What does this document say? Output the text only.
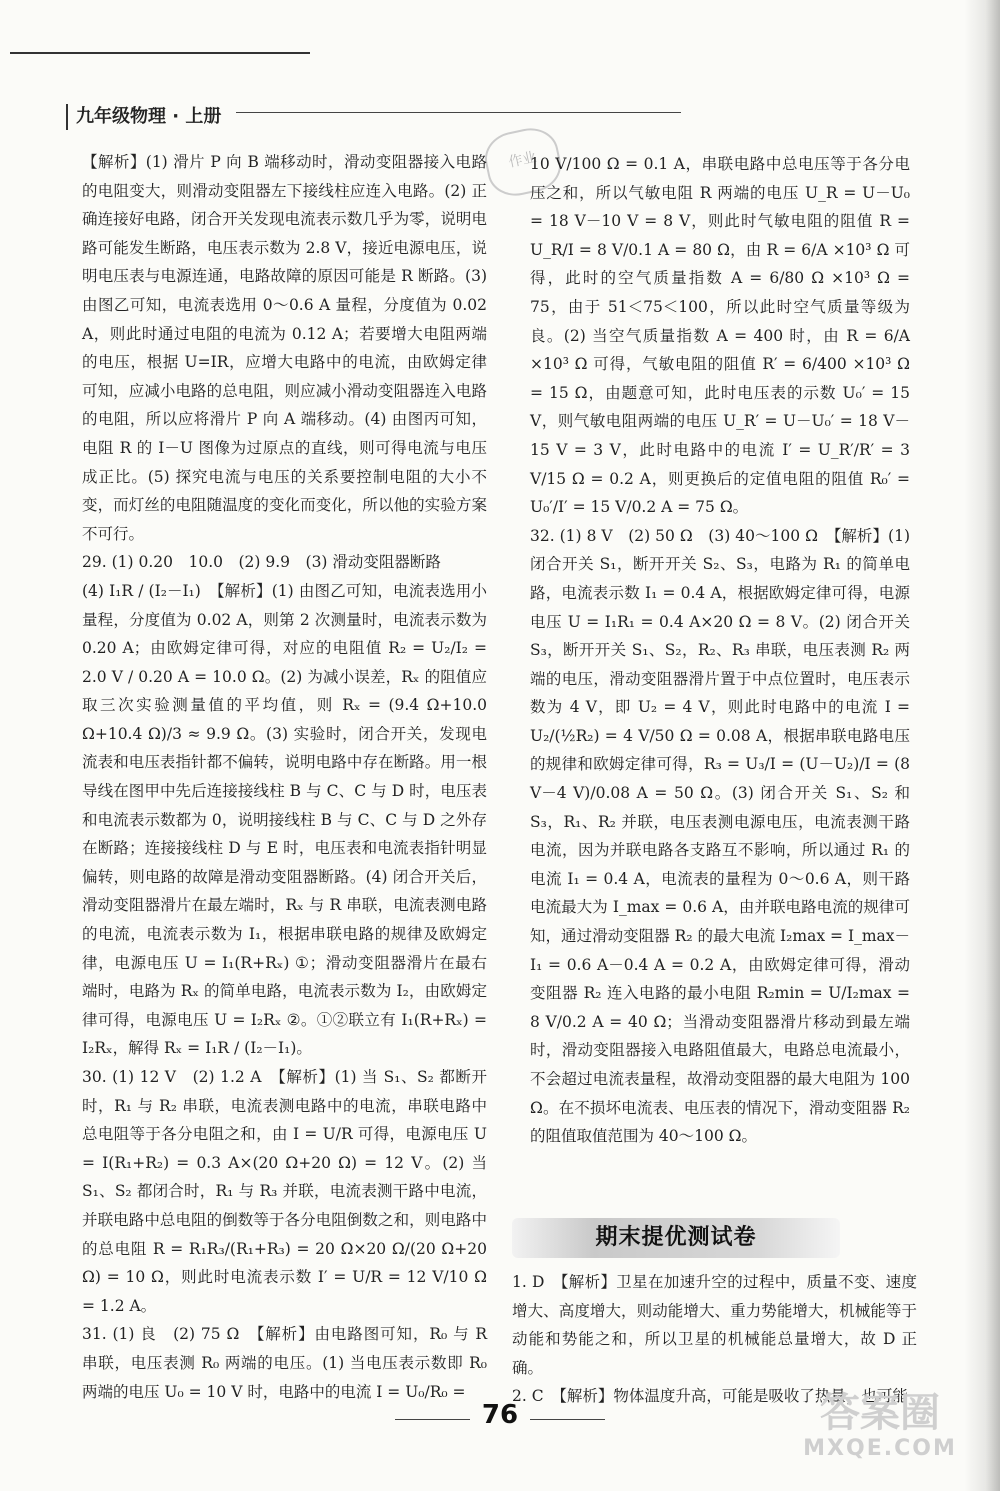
九年级物理 · 上册
作业

【解析】(1) 滑片 P 向 B 端移动时，滑动变阻器接入电路的电阻变大，则滑动变阻器左下接线柱应连入电路。(2) 正确连接好电路，闭合开关发现电流表示数几乎为零，说明电路可能发生断路，电压表示数为 2.8 V，接近电源电压，说明电压表与电源连通，电路故障的原因可能是 R 断路。(3) 由图乙可知，电流表选用 0～0.6 A 量程，分度值为 0.02 A，则此时通过电阻的电流为 0.12 A；若要增大电阻两端的电压，根据 U=IR，应增大电路中的电流，由欧姆定律可知，应减小电路的总电阻，则应减小滑动变阻器连入电路的电阻，所以应将滑片 P 向 A 端移动。(4) 由图丙可知，电阻 R 的 I－U 图像为过原点的直线，则可得电流与电压成正比。(5) 探究电流与电压的关系要控制电阻的大小不变，而灯丝的电阻随温度的变化而变化，所以他的实验方案不可行。

29. (1) 0.20　10.0　(2) 9.9　(3) 滑动变阻器断路

(4) I₁R / (I₂－I₁)　【解析】(1) 由图乙可知，电流表选用小量程，分度值为 0.02 A，则第 2 次测量时，电流表示数为 0.20 A；由欧姆定律可得，对应的电阻值 R₂ = U₂/I₂ = 2.0 V / 0.20 A = 10.0 Ω。(2) 为减小误差，Rₓ 的阻值应取三次实验测量值的平均值，则 Rₓ = (9.4 Ω+10.0 Ω+10.4 Ω)/3 ≈ 9.9 Ω。(3) 实验时，闭合开关，发现电流表和电压表指针都不偏转，说明电路中存在断路。用一根导线在图甲中先后连接接线柱 B 与 C、C 与 D 时，电压表和电流表示数都为 0，说明接线柱 B 与 C、C 与 D 之外存在断路；连接接线柱 D 与 E 时，电压表和电流表指针明显偏转，则电路的故障是滑动变阻器断路。(4) 闭合开关后，滑动变阻器滑片在最左端时，Rₓ 与 R 串联，电流表测电路的电流，电流表示数为 I₁，根据串联电路的规律及欧姆定律，电源电压 U = I₁(R+Rₓ) ①；滑动变阻器滑片在最右端时，电路为 Rₓ 的简单电路，电流表示数为 I₂，由欧姆定律可得，电源电压 U = I₂Rₓ ②。①②联立有 I₁(R+Rₓ) = I₂Rₓ，解得 Rₓ = I₁R / (I₂－I₁)。

30. (1) 12 V　(2) 1.2 A　【解析】(1) 当 S₁、S₂ 都断开时，R₁ 与 R₂ 串联，电流表测电路中的电流，串联电路中总电阻等于各分电阻之和，由 I = U/R 可得，电源电压 U = I(R₁+R₂) = 0.3 A×(20 Ω+20 Ω) = 12 V。(2) 当 S₁、S₂ 都闭合时，R₁ 与 R₃ 并联，电流表测干路中电流，并联电路中总电阻的倒数等于各分电阻倒数之和，则电路中的总电阻 R = R₁R₃/(R₁+R₃) = 20 Ω×20 Ω/(20 Ω+20 Ω) = 10 Ω，则此时电流表示数 I′ = U/R = 12 V/10 Ω = 1.2 A。

31. (1) 良　(2) 75 Ω　【解析】由电路图可知，R₀ 与 R 串联，电压表测 R₀ 两端的电压。(1) 当电压表示数即 R₀ 两端的电压 U₀ = 10 V 时，电路中的电流 I = U₀/R₀ =

10 V/100 Ω = 0.1 A，串联电路中总电压等于各分电压之和，所以气敏电阻 R 两端的电压 U_R = U－U₀ = 18 V－10 V = 8 V，则此时气敏电阻的阻值 R = U_R/I = 8 V/0.1 A = 80 Ω，由 R = 6/A ×10³ Ω 可得，此时的空气质量指数 A = 6/80 Ω ×10³ Ω = 75，由于 51＜75＜100，所以此时空气质量等级为良。(2) 当空气质量指数 A = 400 时，由 R = 6/A ×10³ Ω 可得，气敏电阻的阻值 R′ = 6/400 ×10³ Ω = 15 Ω，由题意可知，此时电压表的示数 U₀′ = 15 V，则气敏电阻两端的电压 U_R′ = U－U₀′ = 18 V－15 V = 3 V，此时电路中的电流 I′ = U_R′/R′ = 3 V/15 Ω = 0.2 A，则更换后的定值电阻的阻值 R₀′ = U₀′/I′ = 15 V/0.2 A = 75 Ω。

32. (1) 8 V　(2) 50 Ω　(3) 40～100 Ω　【解析】(1) 闭合开关 S₁，断开开关 S₂、S₃，电路为 R₁ 的简单电路，电流表示数 I₁ = 0.4 A，根据欧姆定律可得，电源电压 U = I₁R₁ = 0.4 A×20 Ω = 8 V。(2) 闭合开关 S₃，断开开关 S₁、S₂，R₂、R₃ 串联，电压表测 R₂ 两端的电压，滑动变阻器滑片置于中点位置时，电压表示数为 4 V，即 U₂ = 4 V，则此时电路中的电流 I = U₂/(½R₂) = 4 V/50 Ω = 0.08 A，根据串联电路电压的规律和欧姆定律可得，R₃ = U₃/I = (U－U₂)/I = (8 V－4 V)/0.08 A = 50 Ω。(3) 闭合开关 S₁、S₂ 和 S₃，R₁、R₂ 并联，电压表测电源电压，电流表测干路电流，因为并联电路各支路互不影响，所以通过 R₁ 的电流 I₁ = 0.4 A，电流表的量程为 0～0.6 A，则干路电流最大为 I_max = 0.6 A，由并联电路电流的规律可知，通过滑动变阻器 R₂ 的最大电流 I₂max = I_max－I₁ = 0.6 A－0.4 A = 0.2 A，由欧姆定律可得，滑动变阻器 R₂ 连入电路的最小电阻 R₂min = U/I₂max = 8 V/0.2 A = 40 Ω；当滑动变阻器滑片移动到最左端时，滑动变阻器接入电路阻值最大，电路总电流最小，不会超过电流表量程，故滑动变阻器的最大电阻为 100 Ω。在不损坏电流表、电压表的情况下，滑动变阻器 R₂ 的阻值取值范围为 40～100 Ω。

期末提优测试卷

1. D　【解析】卫星在加速升空的过程中，质量不变、速度增大、高度增大，则动能增大、重力势能增大，机械能等于动能和势能之和，所以卫星的机械能总量增大，故 D 正确。

2. C　【解析】物体温度升高，可能是吸收了热量，也可能

76	答案圈
MXQE.COM
